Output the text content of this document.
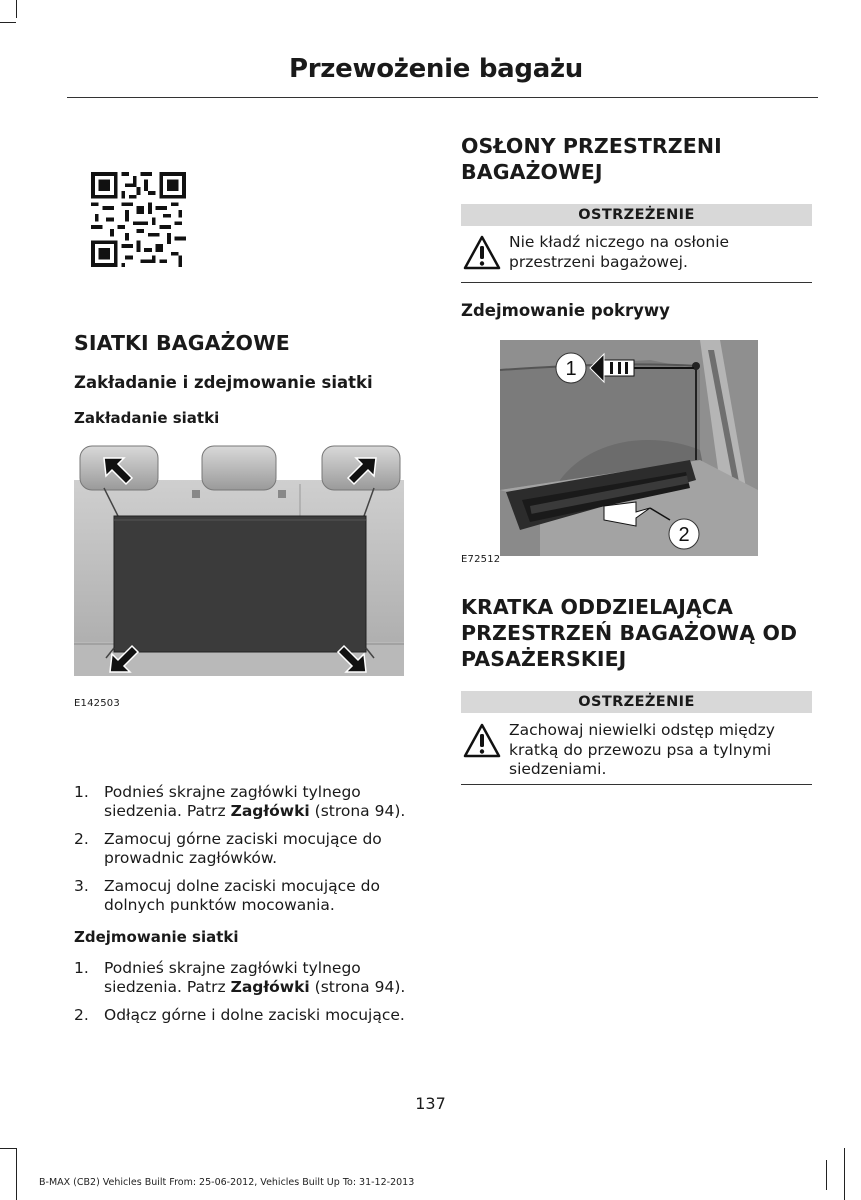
Przewożenie bagażu
SIATKI BAGAŻOWE
Zakładanie i zdejmowanie siatki
Zakładanie siatki
E142503
1. Podnieś skrajne zagłówki tylnego siedzenia. Patrz Zagłówki (strona 94).
2. Zamocuj górne zaciski mocujące do prowadnic zagłówków.
3. Zamocuj dolne zaciski mocujące do dolnych punktów mocowania.
Zdejmowanie siatki
1. Podnieś skrajne zagłówki tylnego siedzenia. Patrz Zagłówki (strona 94).
2. Odłącz górne i dolne zaciski mocujące.
OSŁONY PRZESTRZENI BAGAŻOWEJ
OSTRZEŻENIE
Nie kładź niczego na osłonie przestrzeni bagażowej.
Zdejmowanie pokrywy
1
2
E72512
KRATKA ODDZIELAJĄCA PRZESTRZEŃ BAGAŻOWĄ OD PASAŻERSKIEJ
OSTRZEŻENIE
Zachowaj niewielki odstęp między kratką do przewozu psa a tylnymi siedzeniami.
137
B-MAX (CB2) Vehicles Built From: 25-06-2012, Vehicles Built Up To: 31-12-2013
